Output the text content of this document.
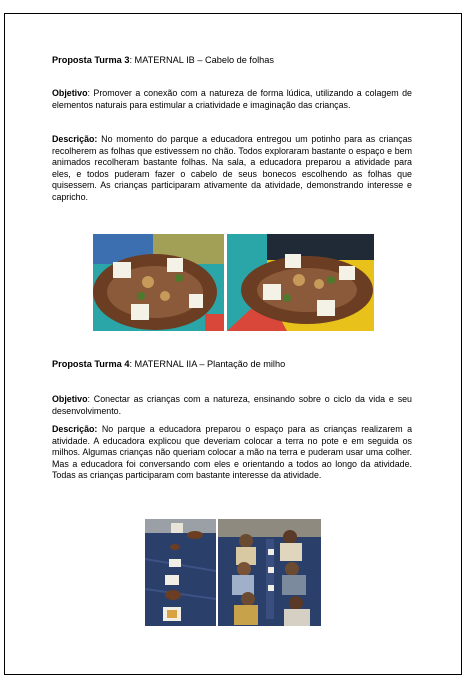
Proposta Turma 3: MATERNAL IB – Cabelo de folhas

Objetivo: Promover a conexão com a natureza de forma lúdica, utilizando a colagem de elementos naturais para estimular a criatividade e imaginação das crianças.

Descrição: No momento do parque a educadora entregou um potinho para as crianças recolherem as folhas que estivessem no chão. Todos exploraram bastante o espaço e bem animados recolheram bastante folhas. Na sala, a educadora preparou a atividade para eles, e todos puderam fazer o cabelo de seus bonecos escolhendo as folhas que quisessem. As crianças participaram ativamente da atividade, demonstrando interesse e capricho.

Proposta Turma 4: MATERNAL IIA – Plantação de milho

Objetivo: Conectar as crianças com a natureza, ensinando sobre o ciclo da vida e seu desenvolvimento.

Descrição: No parque a educadora preparou o espaço para as crianças realizarem a atividade. A educadora explicou que deveriam colocar a terra no pote e em seguida os milhos. Algumas crianças não queriam colocar a mão na terra e puderam usar uma colher. Mas a educadora foi conversando com eles e orientando a todos ao longo da atividade. Todas as crianças participaram com bastante interesse da atividade.
